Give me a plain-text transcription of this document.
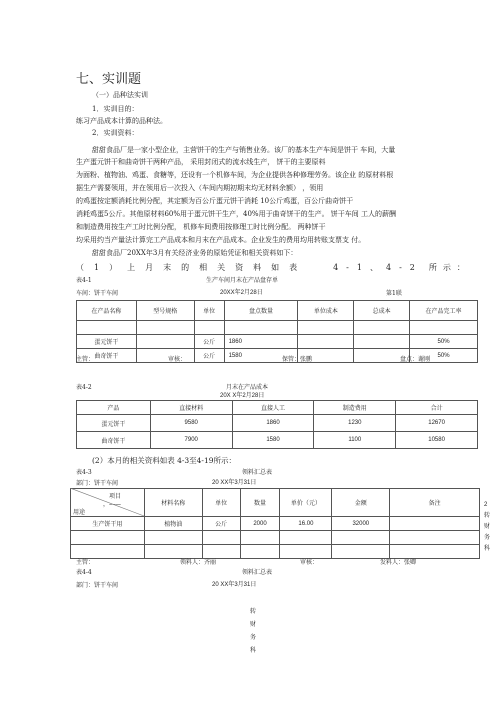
七、实训题
（一）品种法实训
1．实训目的：
练习产品成本计算的品种法。
2．实训资料：
甜甜食品厂是一家小型企业，主营饼干的生产与销售业务。该厂的基本生产车间是饼干 车间，大量
生产蛋元饼干和曲奇饼干两种产品， 采用封闭式的流水线生产， 饼干的主要原料
为面粉、植物油、鸡蛋、食糖等，还设有一个机修车间，为企业提供各种修理劳务。该企业 的原材料根
据生产需要领用，并在领用后一次投入（车间内期初期末均无材料余额） ，领用
的鸡蛋按定额消耗比例分配，其定额为百公斤蛋元饼干消耗 10公斤鸡蛋，百公斤曲奇饼干
消耗鸡蛋5公斤。其他原材料60%用于蛋元饼干生产，40%用于曲奇饼干的生产。 饼干车间 工人的薪酬
和制造费用按生产工时比例分配， 机修车间费用按修理工时比例分配。 两种饼干
均采用约当产量法计算完工产品成本和月末在产品成本。企业发生的费用均用转账支票支 付。
甜甜食品厂20XX年3月有关经济业务的原始凭证和相关资料如下：
（1）上月末的相关资料如表	4-1、4-2 所示：
表4-1	生产车间月末在产品盘存单
车间：饼干车间	20XX年2月28日	第1联
在产品名称	型号规格	单位	盘点数量	单位成本	总成本	在产品完工率

蛋元饼干		公斤	1860			50%
曲奇饼干		公斤	1580			50%
主管：	审核：	保管：张鹏	盘点：谢刚
表4-2	月末在产品成本
20X X年2月28日
产品	直接材料	直接人工	制造费用	合计
蛋元饼干	9580	1860	1230	12670
曲奇饼干	7900	1580	1100	10580
(2）本月的相关资料如表 4-3至4-19所示：
表4-3	领料汇总表
部门：饼干车间	20 XX年3月31日
项目
，——
用途	材料名称	单位	数量	单价（元）	金额	备注
生产饼干用	植物油	公斤	2000	16.00	32000	

2
转
财
务
科
主管：	领料人：齐丽	审核：	发料人：张卿
表4-4	领料汇总表
部门：饼干车间	20 XX年3月31日
转
财
务
科
